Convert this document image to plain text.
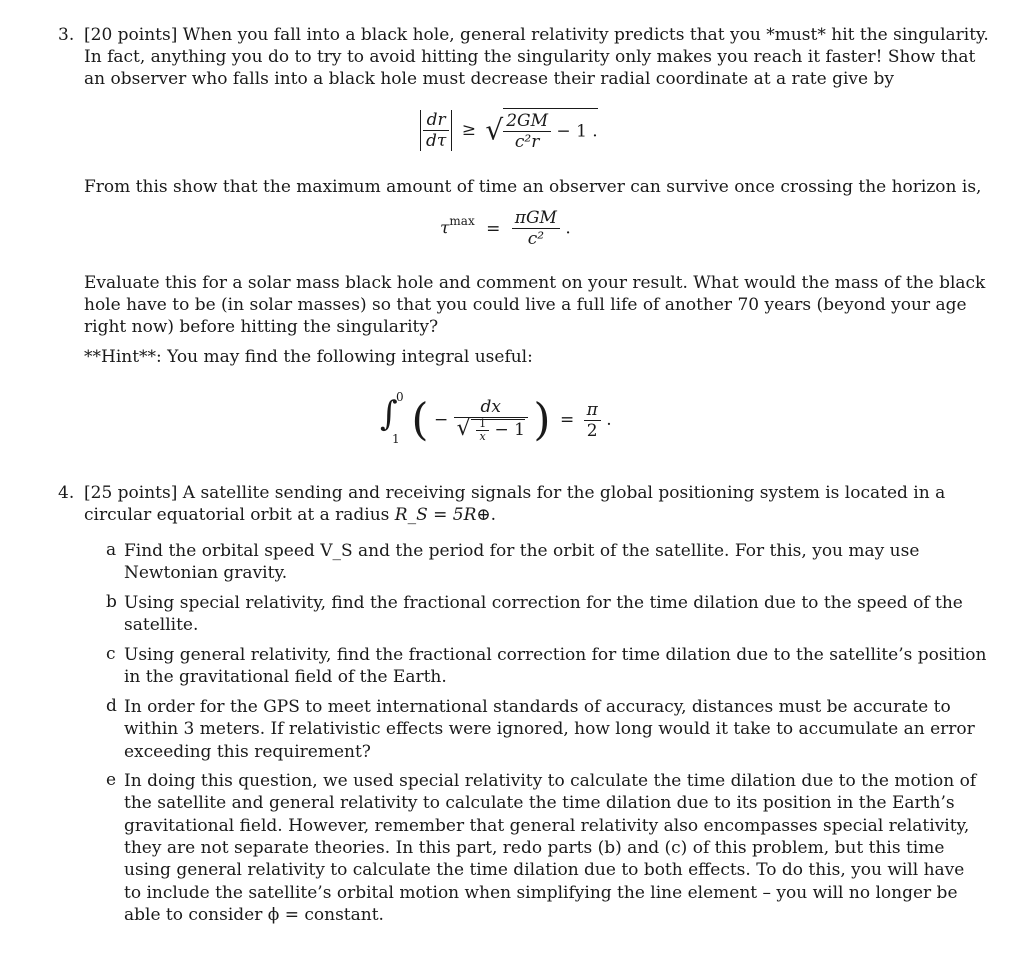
3. [20 points] When you fall into a black hole, general relativity predicts that you *must* hit the singularity.
In fact, anything you do to try to avoid hitting the singularity only makes you reach it faster! Show that
an observer who falls into a black hole must decrease their radial coordinate at a rate give by
$\frac{dr}{d\tau}$ ≥ √ $\frac{2GM}{\text{c²r}} - 1$ .
From this show that the maximum amount of time an observer can survive once crossing the horizon is,
$\tau^{max} = \frac{\text{πGM}}{\text{c²}}$ .
Evaluate this for a solar mass black hole and comment on your result. What would the mass of the black
hole have to be (in solar masses) so that you could live a full life of another 70 years (beyond your age
right now) before hitting the singularity?
**Hint**: You may find the following integral useful:
∫
0
1 ( − $\frac{dx}{√ \frac{1}{x} - 1}$ ) = $\frac{\pi}{2}$ .
4. [25 points] A satellite sending and receiving signals for the global positioning system is located in a
circular equatorial orbit at a radius R_S = 5R⊕.
a Find the orbital speed V_S and the period for the orbit of the satellite. For this, you may use
Newtonian gravity.
b Using special relativity, find the fractional correction for the time dilation due to the speed of the
satellite.
c Using general relativity, find the fractional correction for time dilation due to the satellite’s position
in the gravitational field of the Earth.
d In order for the GPS to meet international standards of accuracy, distances must be accurate to
within 3 meters. If relativistic effects were ignored, how long would it take to accumulate an error
exceeding this requirement?
e In doing this question, we used special relativity to calculate the time dilation due to the motion of
the satellite and general relativity to calculate the time dilation due to its position in the Earth’s
gravitational field. However, remember that general relativity also encompasses special relativity,
they are not separate theories. In this part, redo parts (b) and (c) of this problem, but this time
using general relativity to calculate the time dilation due to both effects. To do this, you will have
to include the satellite’s orbital motion when simplifying the line element – you will no longer be
able to consider ϕ = constant.
